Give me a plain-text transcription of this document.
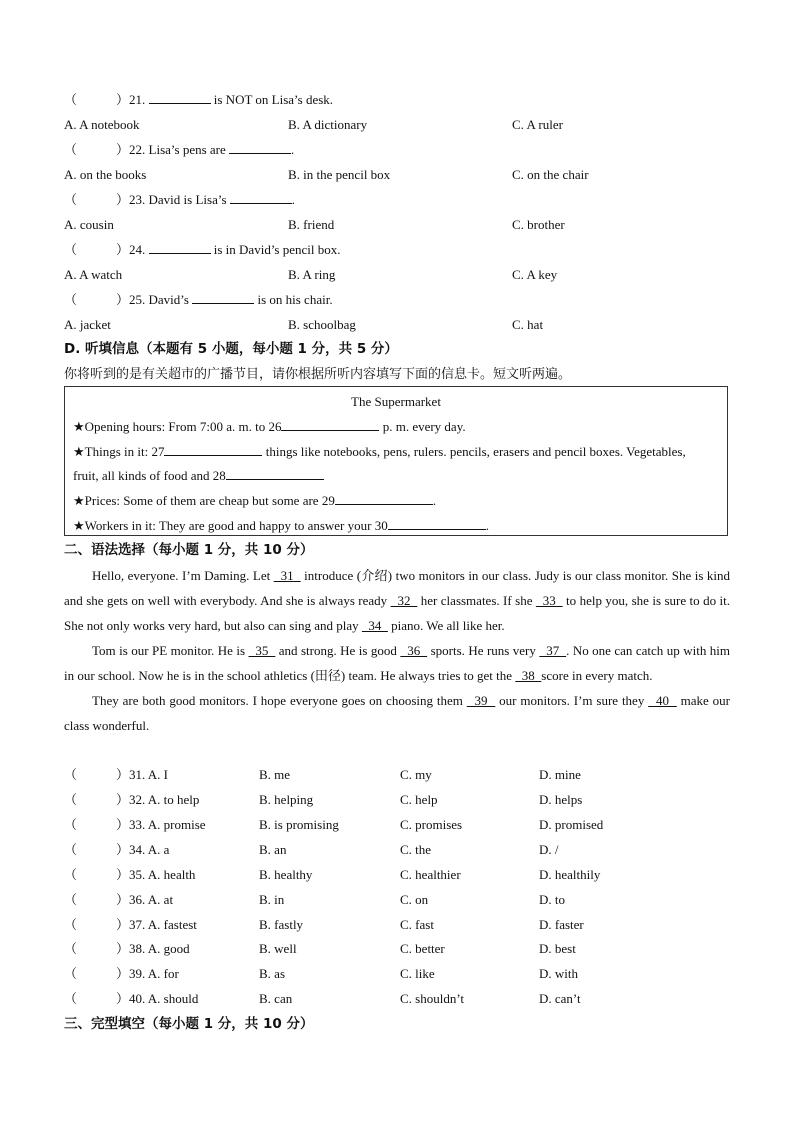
（	）21.	is NOT on Lisa’s desk.
A. A notebook	B. A dictionary	C. A ruler
（	）22. Lisa’s pens are	.
A. on the books	B. in the pencil box	C. on the chair
（	）23. David is Lisa’s	.
A. cousin	B. friend	C. brother
（	）24.	is in David’s pencil box.
A. A watch	B. A ring	C. A key
（	）25. David’s	is on his chair.
A. jacket	B. schoolbag	C. hat
D. 听填信息（本题有 5 小题，每小题 1 分，共 5 分）
你将听到的是有关超市的广播节目，请你根据所听内容填写下面的信息卡。短文听两遍。
The Supermarket
★Opening hours: From 7:00 a. m. to 26	p. m. every day.
★Things in it: 27	things like notebooks, pens, rulers. pencils, erasers and pencil boxes. Vegetables,
fruit, all kinds of food and 28
★Prices: Some of them are cheap but some are 29	.
★Workers in it: They are good and happy to answer your 30	.
二、语法选择（每小题 1 分，共 10 分）

Hello, everyone. I’m Daming. Let   31   introduce (介绍) two monitors in our class. Judy is our class monitor. She is kind and she gets on well with everybody. And she is always ready   32   her classmates. If she   33   to help you, she is sure to do it. She not only works very hard, but also can sing and play   34   piano. We all like her.

Tom is our PE monitor. He is   35   and strong. He is good   36   sports. He runs very   37  . No one can catch up with him in our school. Now he is in the school athletics (田径) team. He always tries to get the   38  score in every match.

They are both good monitors. I hope everyone goes on choosing them   39   our monitors. I’m sure they   40   make our class wonderful.

（	）31. A. I	B. me	C. my	D. mine
（	）32. A. to help	B. helping	C. help	D. helps
（	）33. A. promise	B. is promising	C. promises	D. promised
（	）34. A. a	B. an	C. the	D. /
（	）35. A. health	B. healthy	C. healthier	D. healthily
（	）36. A. at	B. in	C. on	D. to
（	）37. A. fastest	B. fastly	C. fast	D. faster
（	）38. A. good	B. well	C. better	D. best
（	）39. A. for	B. as	C. like	D. with
（	）40. A. should	B. can	C. shouldn’t	D. can’t
三、完型填空（每小题 1 分，共 10 分）
